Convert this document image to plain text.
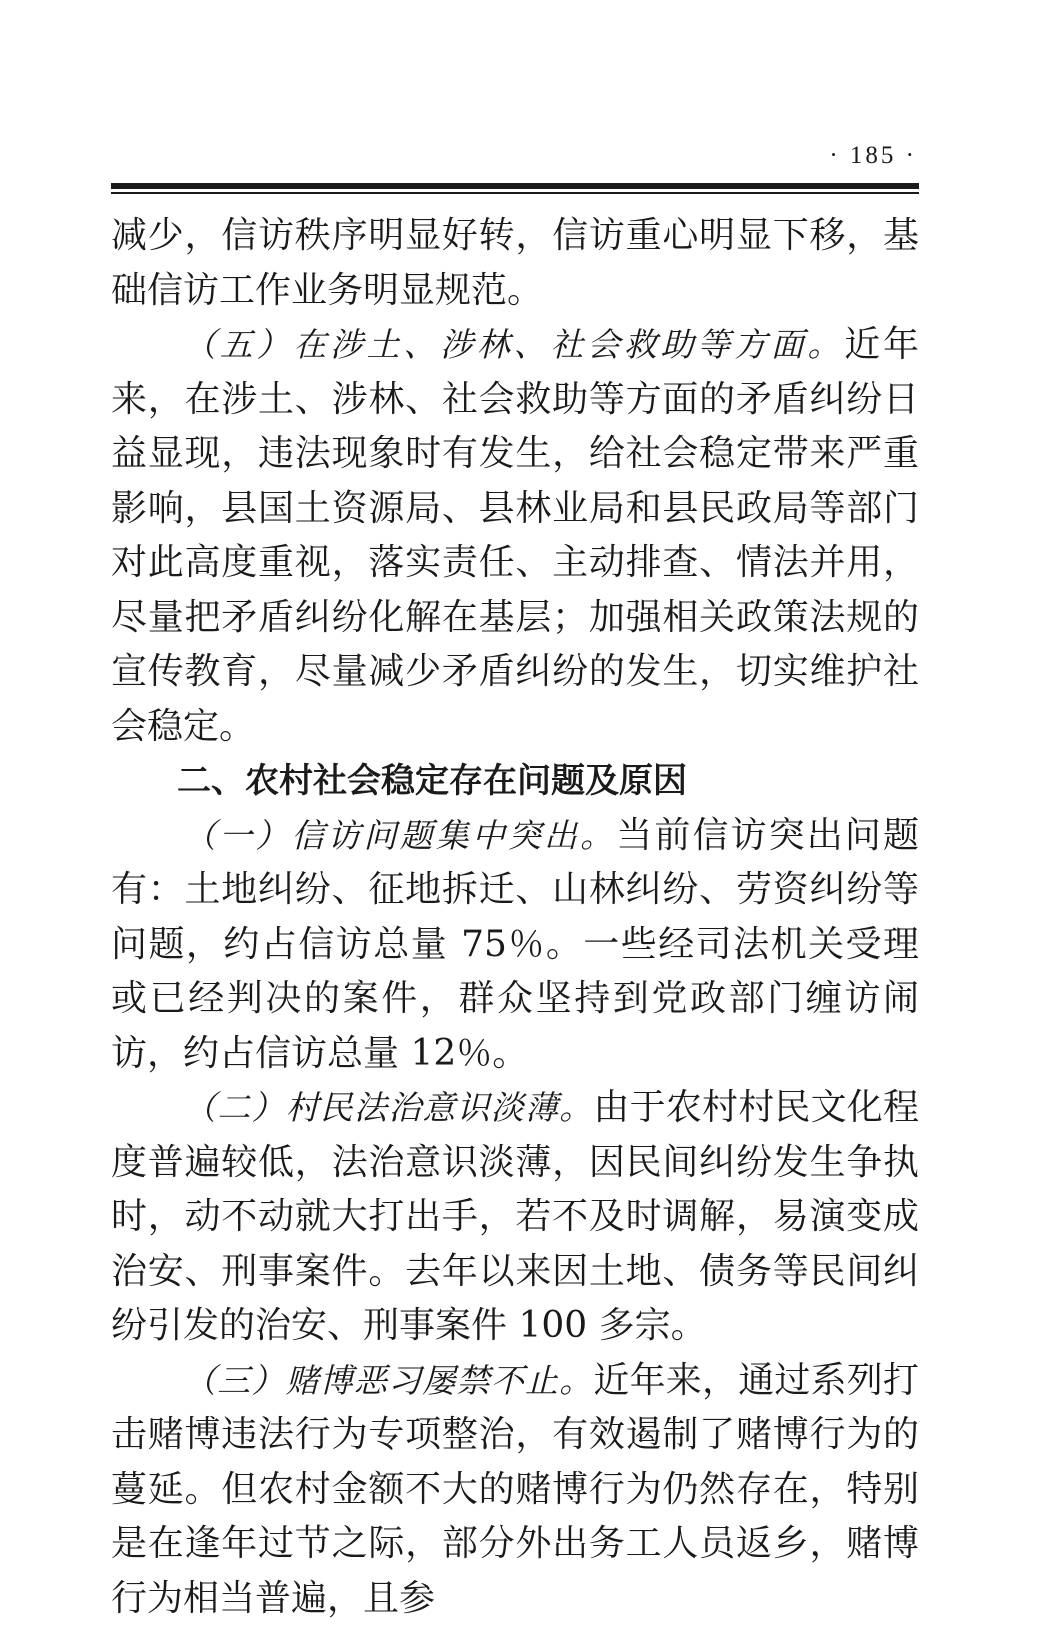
· 185 ·

减少，信访秩序明显好转，信访重心明显下移，基础信访工作业务明显规范。

（五）在涉土、涉林、社会救助等方面。近年来，在涉土、涉林、社会救助等方面的矛盾纠纷日益显现，违法现象时有发生，给社会稳定带来严重影响，县国土资源局、县林业局和县民政局等部门对此高度重视，落实责任、主动排查、情法并用，尽量把矛盾纠纷化解在基层；加强相关政策法规的宣传教育，尽量减少矛盾纠纷的发生，切实维护社会稳定。

二、农村社会稳定存在问题及原因

（一）信访问题集中突出。当前信访突出问题有：土地纠纷、征地拆迁、山林纠纷、劳资纠纷等问题，约占信访总量 75％。一些经司法机关受理或已经判决的案件，群众坚持到党政部门缠访闹访，约占信访总量 12％。

（二）村民法治意识淡薄。由于农村村民文化程度普遍较低，法治意识淡薄，因民间纠纷发生争执时，动不动就大打出手，若不及时调解，易演变成治安、刑事案件。去年以来因土地、债务等民间纠纷引发的治安、刑事案件 100 多宗。

（三）赌博恶习屡禁不止。近年来，通过系列打击赌博违法行为专项整治，有效遏制了赌博行为的蔓延。但农村金额不大的赌博行为仍然存在，特别是在逢年过节之际，部分外出务工人员返乡，赌博行为相当普遍，且参
